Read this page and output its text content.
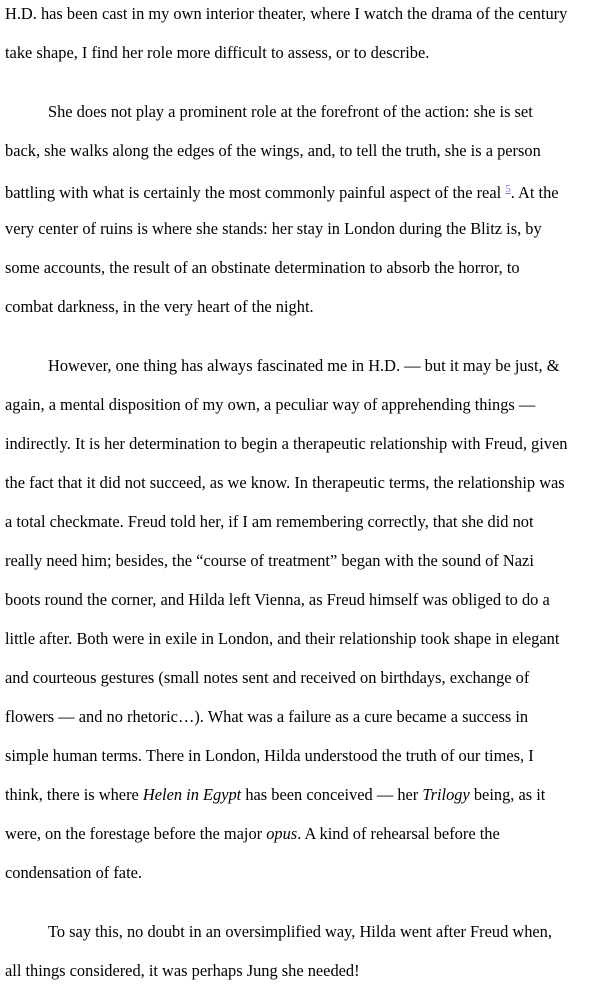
H.D. has been cast in my own interior theater, where I watch the drama of the century
take shape, I find her role more difficult to assess, or to describe.
She does not play a prominent role at the forefront of the action: she is set
back, she walks along the edges of the wings, and, to tell the truth, she is a person
battling with what is certainly the most commonly painful aspect of the real $^5$. At the
very center of ruins is where she stands: her stay in London during the Blitz is, by
some accounts, the result of an obstinate determination to absorb the horror, to
combat darkness, in the very heart of the night.
However, one thing has always fascinated me in H.D. — but it may be just, &
again, a mental disposition of my own, a peculiar way of apprehending things —
indirectly. It is her determination to begin a therapeutic relationship with Freud, given
the fact that it did not succeed, as we know. In therapeutic terms, the relationship was
a total checkmate. Freud told her, if I am remembering correctly, that she did not
really need him; besides, the “course of treatment” began with the sound of Nazi
boots round the corner, and Hilda left Vienna, as Freud himself was obliged to do a
little after. Both were in exile in London, and their relationship took shape in elegant
and courteous gestures (small notes sent and received on birthdays, exchange of
flowers — and no rhetoric…). What was a failure as a cure became a success in
simple human terms. There in London, Hilda understood the truth of our times, I
think, there is where Helen in Egypt has been conceived — her Trilogy being, as it
were, on the forestage before the major opus. A kind of rehearsal before the
condensation of fate.
To say this, no doubt in an oversimplified way, Hilda went after Freud when,
all things considered, it was perhaps Jung she needed!
